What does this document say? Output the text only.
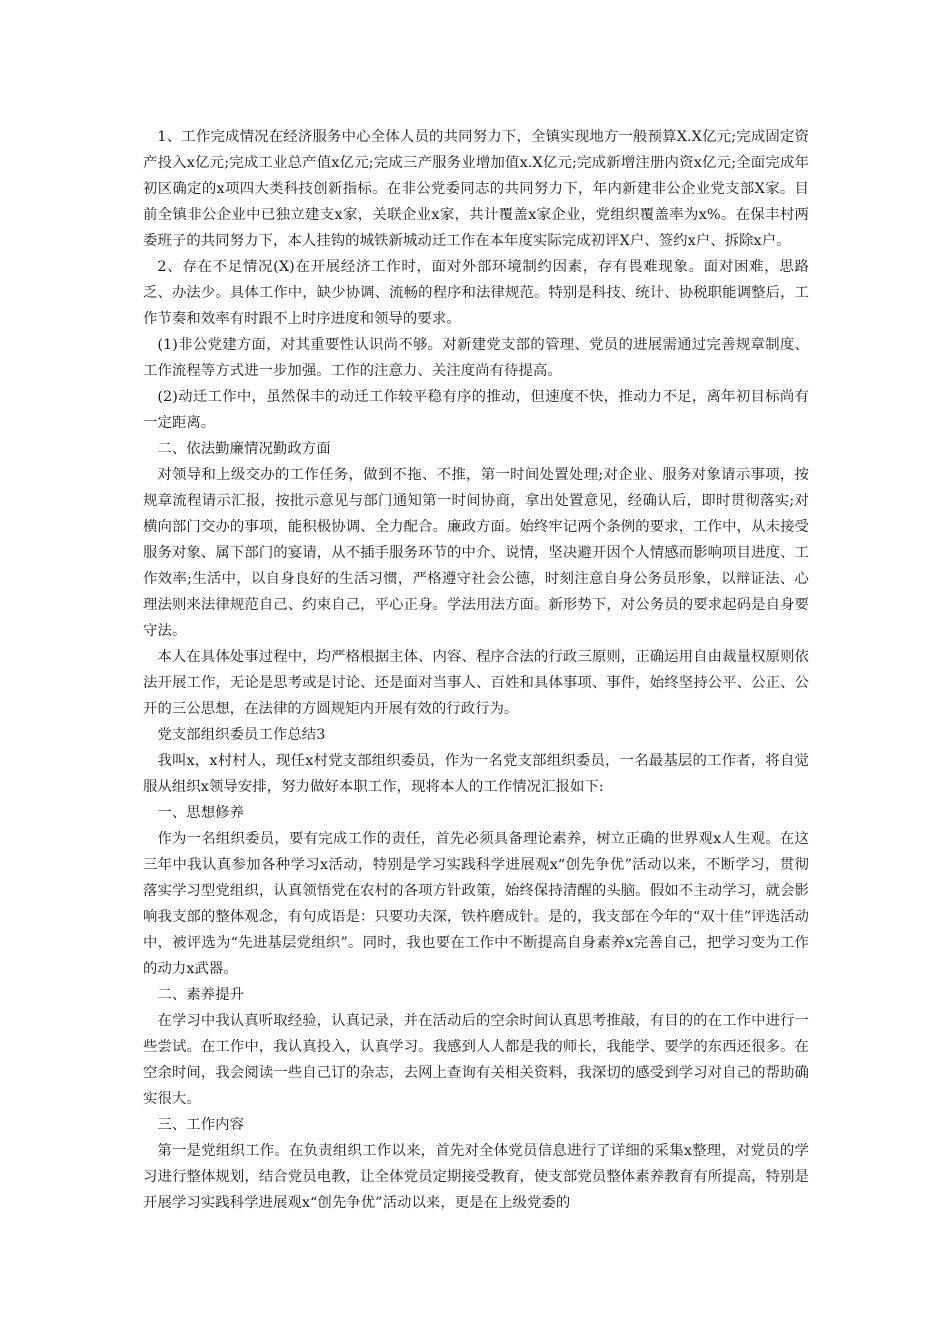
1、工作完成情况在经济服务中心全体人员的共同努力下，全镇实现地方一般预算X.X亿元;完成固定资产投入x亿元;完成工业总产值x亿元;完成三产服务业增加值x.X亿元;完成新增注册内资x亿元;全面完成年初区确定的x项四大类科技创新指标。在非公党委同志的共同努力下，年内新建非公企业党支部X家。目前全镇非公企业中已独立建支x家，关联企业x家，共计覆盖x家企业，党组织覆盖率为x%。在保丰村两委班子的共同努力下，本人挂钩的城铁新城动迁工作在本年度实际完成初评X户、签约x户、拆除x户。

2、存在不足情况(X)在开展经济工作时，面对外部环境制约因素，存有畏难现象。面对困难，思路乏、办法少。具体工作中，缺少协调、流畅的程序和法律规范。特别是科技、统计、协税职能调整后，工作节奏和效率有时跟不上时序进度和领导的要求。

(1)非公党建方面，对其重要性认识尚不够。对新建党支部的管理、党员的进展需通过完善规章制度、工作流程等方式进一步加强。工作的注意力、关注度尚有待提高。

(2)动迁工作中，虽然保丰的动迁工作较平稳有序的推动，但速度不快，推动力不足，离年初目标尚有一定距离。

二、依法勤廉情况勤政方面

对领导和上级交办的工作任务，做到不拖、不推，第一时间处置处理;对企业、服务对象请示事项，按规章流程请示汇报，按批示意见与部门通知第一时间协商，拿出处置意见，经确认后，即时贯彻落实;对横向部门交办的事项，能积极协调、全力配合。廉政方面。始终牢记两个条例的要求，工作中，从未接受服务对象、属下部门的宴请，从不插手服务环节的中介、说情，坚决避开因个人情感而影响项目进度、工作效率;生活中，以自身良好的生活习惯，严格遵守社会公德，时刻注意自身公务员形象，以辩证法、心理法则来法律规范自己、约束自己，平心正身。学法用法方面。新形势下，对公务员的要求起码是自身要守法。

本人在具体处事过程中，均严格根据主体、内容、程序合法的行政三原则，正确运用自由裁量权原则依法开展工作，无论是思考或是讨论、还是面对当事人、百姓和具体事项、事件，始终坚持公平、公正、公开的三公思想，在法律的方圆规矩内开展有效的行政行为。

党支部组织委员工作总结3

我叫x，x村村人，现任x村党支部组织委员，作为一名党支部组织委员，一名最基层的工作者，将自觉服从组织x领导安排，努力做好本职工作，现将本人的工作情况汇报如下:

一、思想修养

作为一名组织委员，要有完成工作的责任，首先必须具备理论素养，树立正确的世界观x人生观。在这三年中我认真参加各种学习x活动，特别是学习实践科学进展观x“创先争优”活动以来，不断学习，贯彻落实学习型党组织，认真领悟党在农村的各项方针政策，始终保持清醒的头脑。假如不主动学习，就会影响我支部的整体观念，有句成语是：只要功夫深，铁杵磨成针。是的，我支部在今年的“双十佳”评选活动中，被评选为“先进基层党组织”。同时，我也要在工作中不断提高自身素养x完善自己，把学习变为工作的动力x武器。

二、素养提升

在学习中我认真听取经验，认真记录，并在活动后的空余时间认真思考推敲，有目的的在工作中进行一些尝试。在工作中，我认真投入，认真学习。我感到人人都是我的师长，我能学、要学的东西还很多。在空余时间，我会阅读一些自己订的杂志，去网上查询有关相关资料，我深切的感受到学习对自己的帮助确实很大。

三、工作内容

第一是党组织工作。在负责组织工作以来，首先对全体党员信息进行了详细的采集x整理，对党员的学习进行整体规划，结合党员电教，让全体党员定期接受教育，使支部党员整体素养教育有所提高，特别是开展学习实践科学进展观x“创先争优”活动以来，更是在上级党委的
